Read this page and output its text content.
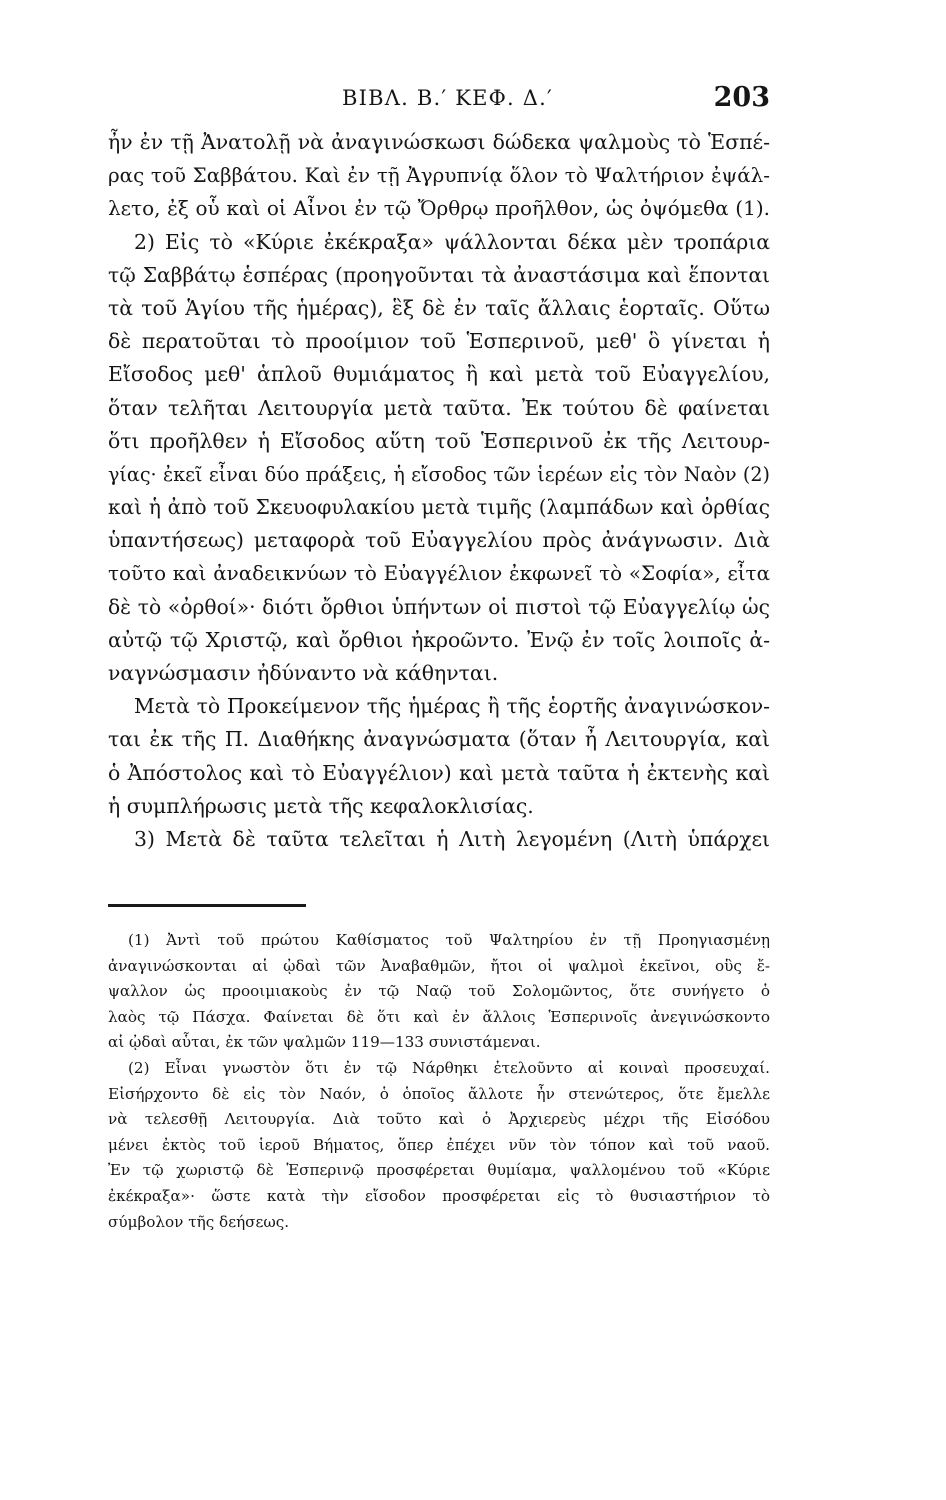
ΒΙΒΛ. Β.′ ΚΕΦ. Δ.′	203
ἦν ἐν τῇ Ἀνατολῇ νὰ ἀναγινώσκωσι δώδεκα ψαλμοὺς τὸ Ἑσπέ-
ρας τοῦ Σαββάτου. Καὶ ἐν τῇ Ἀγρυπνίᾳ ὅλον τὸ Ψαλτήριον ἐψάλ-
λετο, ἐξ οὗ καὶ οἱ Αἶνοι ἐν τῷ Ὄρθρῳ προῆλθον, ὡς ὀψόμεθα (1).
2) Εἰς τὸ «Κύριε ἐκέκραξα» ψάλλονται δέκα μὲν τροπάρια
τῷ Σαββάτῳ ἑσπέρας (προηγοῦνται τὰ ἀναστάσιμα καὶ ἕπονται
τὰ τοῦ Ἁγίου τῆς ἡμέρας), ἓξ δὲ ἐν ταῖς ἄλλαις ἑορταῖς. Οὕτω
δὲ περατοῦται τὸ προοίμιον τοῦ Ἑσπερινοῦ, μεθ' ὃ γίνεται ἡ
Εἴσοδος μεθ' ἁπλοῦ θυμιάματος ἢ καὶ μετὰ τοῦ Εὐαγγελίου,
ὅταν τελῆται Λειτουργία μετὰ ταῦτα. Ἐκ τούτου δὲ φαίνεται
ὅτι προῆλθεν ἡ Εἴσοδος αὕτη τοῦ Ἑσπερινοῦ ἐκ τῆς Λειτουρ-
γίας· ἐκεῖ εἶναι δύο πράξεις, ἡ εἴσοδος τῶν ἱερέων εἰς τὸν Ναὸν (2)
καὶ ἡ ἀπὸ τοῦ Σκευοφυλακίου μετὰ τιμῆς (λαμπάδων καὶ ὀρθίας
ὑπαντήσεως) μεταφορὰ τοῦ Εὐαγγελίου πρὸς ἀνάγνωσιν. Διὰ
τοῦτο καὶ ἀναδεικνύων τὸ Εὐαγγέλιον ἐκφωνεῖ τὸ «Σοφία», εἶτα
δὲ τὸ «ὀρθοί»· διότι ὄρθιοι ὑπήντων οἱ πιστοὶ τῷ Εὐαγγελίῳ ὡς
αὐτῷ τῷ Χριστῷ, καὶ ὄρθιοι ἠκροῶντο. Ἐνῷ ἐν τοῖς λοιποῖς ἀ-
ναγνώσμασιν ἠδύναντο νὰ κάθηνται.
Μετὰ τὸ Προκείμενον τῆς ἡμέρας ἢ τῆς ἑορτῆς ἀναγινώσκον-
ται ἐκ τῆς Π. Διαθήκης ἀναγνώσματα (ὅταν ἦ Λειτουργία, καὶ
ὁ Ἀπόστολος καὶ τὸ Εὐαγγέλιον) καὶ μετὰ ταῦτα ἡ ἐκτενὴς καὶ
ἡ συμπλήρωσις μετὰ τῆς κεφαλοκλισίας.
3) Μετὰ δὲ ταῦτα τελεῖται ἡ Λιτὴ λεγομένη (Λιτὴ ὑπάρχει
(1) Ἀντὶ τοῦ πρώτου Καθίσματος τοῦ Ψαλτηρίου ἐν τῇ Προηγιασμένῃ
ἀναγινώσκονται αἱ ᾠδαὶ τῶν Ἀναβαθμῶν, ἤτοι οἱ ψαλμοὶ ἐκεῖνοι, οὓς ἔ-
ψαλλον ὡς προοιμιακοὺς ἐν τῷ Ναῷ τοῦ Σολομῶντος, ὅτε συνήγετο ὁ
λαὸς τῷ Πάσχα. Φαίνεται δὲ ὅτι καὶ ἐν ἄλλοις Ἑσπερινοῖς ἀνεγινώσκοντο
αἱ ᾠδαὶ αὗται, ἐκ τῶν ψαλμῶν 119—133 συνιστάμεναι.
(2) Εἶναι γνωστὸν ὅτι ἐν τῷ Νάρθηκι ἐτελοῦντο αἱ κοιναὶ προσευχαί.
Εἰσήρχοντο δὲ εἰς τὸν Ναόν, ὁ ὁποῖος ἄλλοτε ἦν στενώτερος, ὅτε ἔμελλε
νὰ τελεσθῇ Λειτουργία. Διὰ τοῦτο καὶ ὁ Ἀρχιερεὺς μέχρι τῆς Εἰσόδου
μένει ἐκτὸς τοῦ ἱεροῦ Βήματος, ὅπερ ἐπέχει νῦν τὸν τόπον καὶ τοῦ ναοῦ.
Ἐν τῷ χωριστῷ δὲ Ἑσπερινῷ προσφέρεται θυμίαμα, ψαλλομένου τοῦ «Κύριε
ἐκέκραξα»· ὥστε κατὰ τὴν εἴσοδον προσφέρεται εἰς τὸ θυσιαστήριον τὸ
σύμβολον τῆς δεήσεως.
